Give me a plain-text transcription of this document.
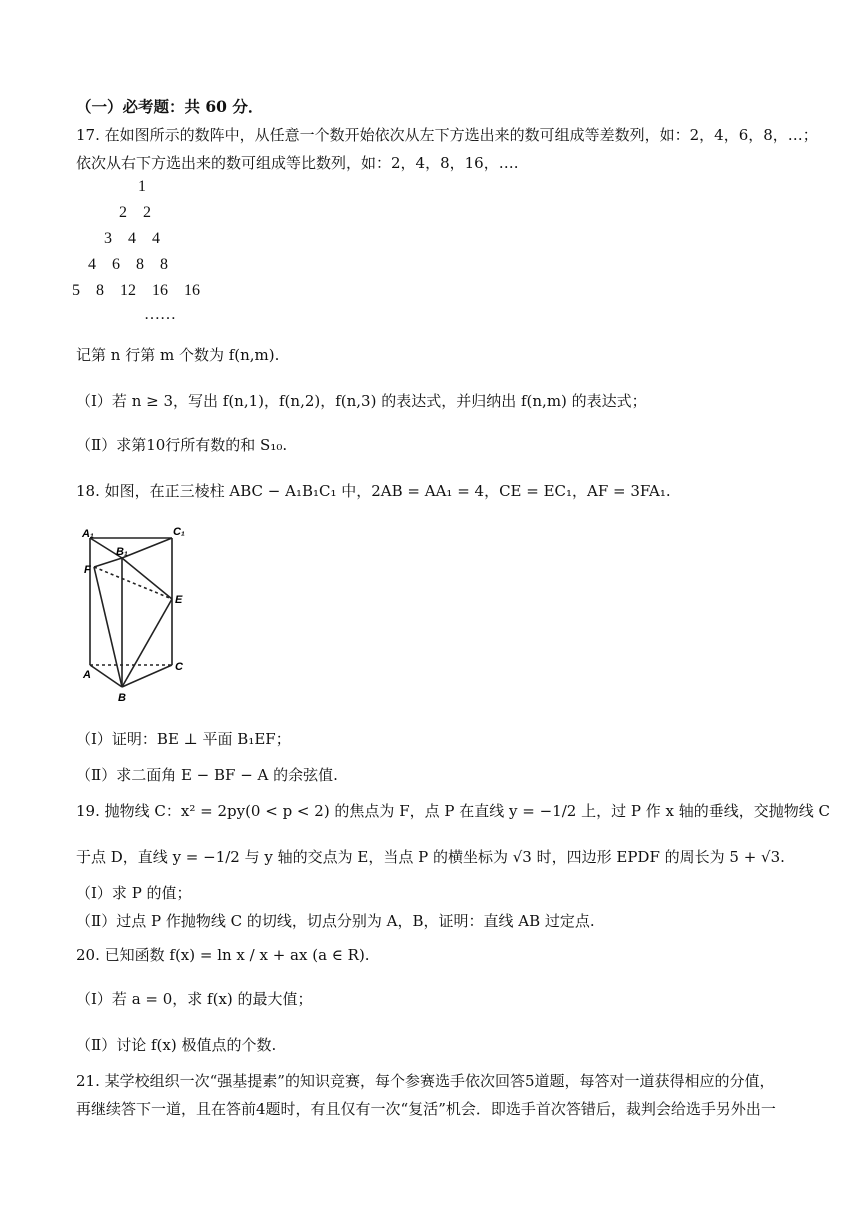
（一）必考题：共 60 分．
17. 在如图所示的数阵中，从任意一个数开始依次从左下方选出来的数可组成等差数列，如：2，4，6，8，…；
依次从右下方选出来的数可组成等比数列，如：2，4，8，16，….
1
2    2
3    4    4
4    6    8    8
5    8    12    16    16
……
记第 n 行第 m 个数为 f(n,m).
（Ⅰ）若 n ≥ 3，写出 f(n,1)，f(n,2)，f(n,3) 的表达式，并归纳出 f(n,m) 的表达式；
（Ⅱ）求第10行所有数的和 S₁₀.
18. 如图，在正三棱柱 ABC − A₁B₁C₁ 中，2AB = AA₁ = 4，CE = EC₁，AF = 3FA₁.
A₁	C₁
B₁
F
E
A
C
B
（Ⅰ）证明：BE ⊥ 平面 B₁EF；
（Ⅱ）求二面角 E − BF − A 的余弦值.
19. 抛物线 C：x² = 2py(0 < p < 2) 的焦点为 F，点 P 在直线 y = −1/2 上，过 P 作 x 轴的垂线，交抛物线 C
于点 D，直线 y = −1/2 与 y 轴的交点为 E，当点 P 的横坐标为 √3 时，四边形 EPDF 的周长为 5 + √3.
（Ⅰ）求 P 的值；
（Ⅱ）过点 P 作抛物线 C 的切线，切点分别为 A，B，证明：直线 AB 过定点.
20. 已知函数 f(x) = ln x / x + ax (a ∈ R).
（Ⅰ）若 a = 0，求 f(x) 的最大值；
（Ⅱ）讨论 f(x) 极值点的个数.
21. 某学校组织一次“强基提素”的知识竞赛，每个参赛选手依次回答5道题，每答对一道获得相应的分值，
再继续答下一道，且在答前4题时，有且仅有一次“复活”机会．即选手首次答错后，裁判会给选手另外出一
